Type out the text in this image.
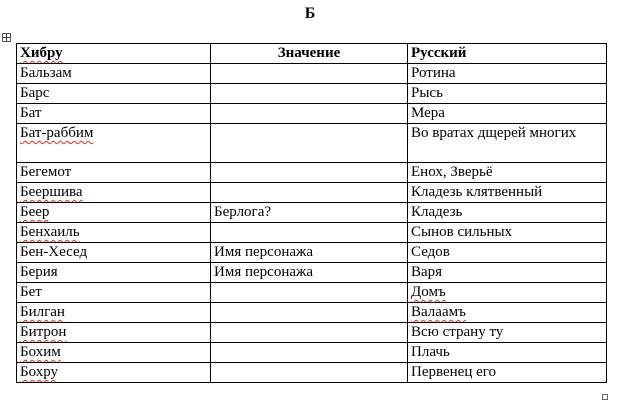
Б
Хибру	Значение	Русский
Бальзам		Ротина
Барс		Рысь
Бат		Мера
Бат-раббим		Во вратах дщерей многих
Бегемот		Енох, Зверьё
Беершива		Кладезь клятвенный
Беер	Берлога?	Кладезь
Бенхаиль		Сынов сильных
Бен-Хесед	Имя персонажа	Седов
Берия	Имя персонажа	Варя
Бет		Домъ
Билган		Валаамъ
Битрон		Всю страну ту
Бохим		Плачь
Бохру		Первенец его
